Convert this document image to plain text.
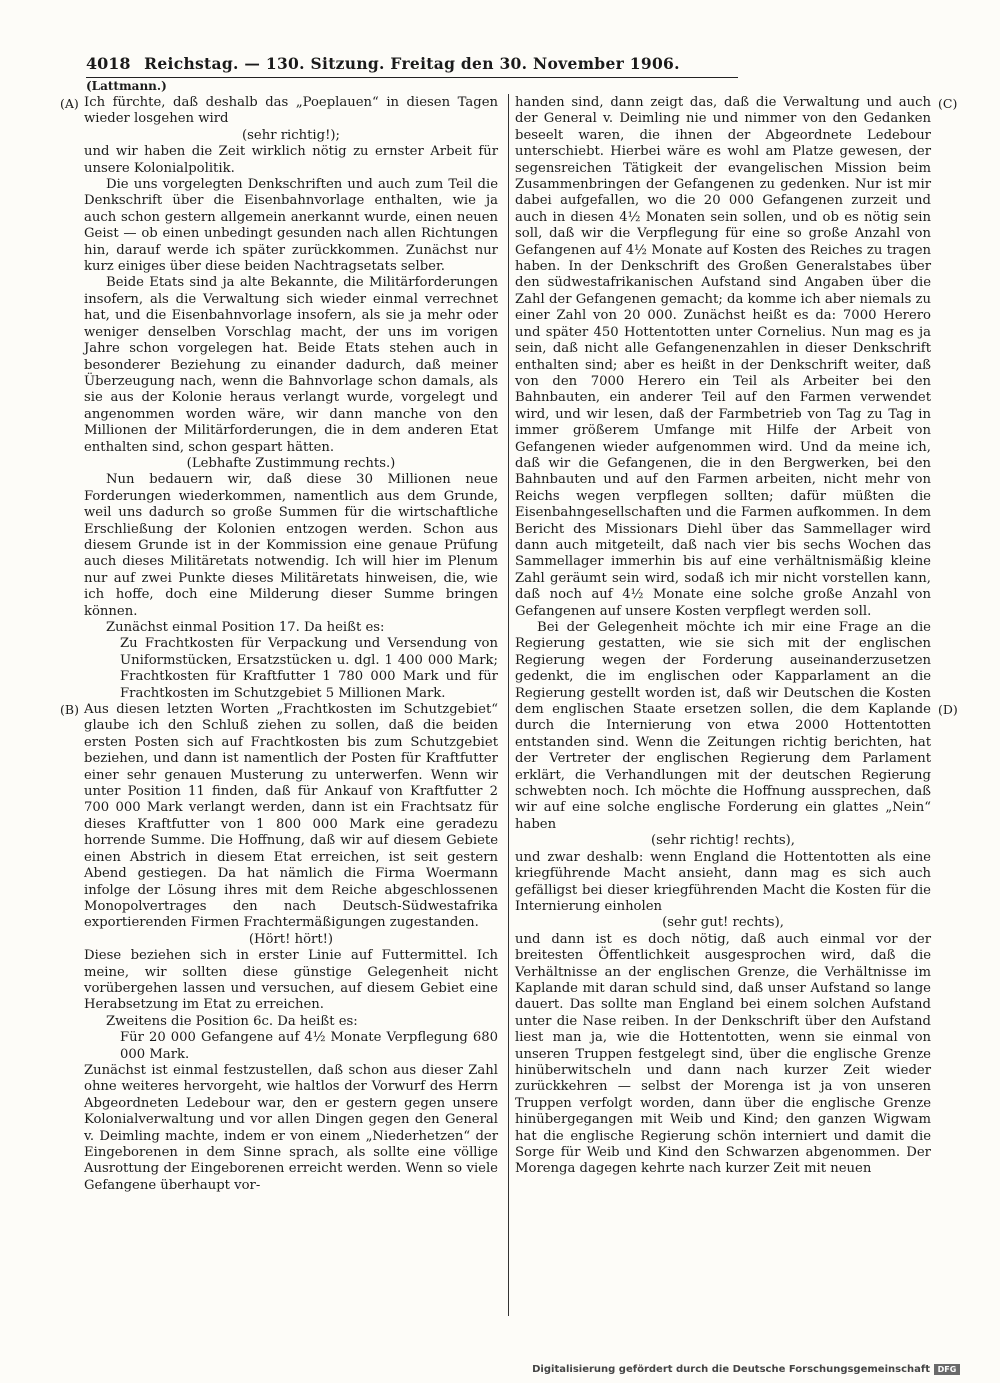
4018 Reichstag. — 130. Sitzung. Freitag den 30. November 1906.
(Lattmann.)
(A)
(B)
(C)
(D)

Ich fürchte, daß deshalb das „Poeplauen“ in diesen Tagen wieder losgehen wird

(sehr richtig!);

und wir haben die Zeit wirklich nötig zu ernster Arbeit für unsere Kolonialpolitik.

Die uns vorgelegten Denkschriften und auch zum Teil die Denkschrift über die Eisenbahnvorlage enthalten, wie ja auch schon gestern allgemein anerkannt wurde, einen neuen Geist — ob einen unbedingt gesunden nach allen Richtungen hin, darauf werde ich später zurückkommen. Zunächst nur kurz einiges über diese beiden Nachtragsetats selber.

Beide Etats sind ja alte Bekannte, die Militärforderungen insofern, als die Verwaltung sich wieder einmal verrechnet hat, und die Eisenbahnvorlage insofern, als sie ja mehr oder weniger denselben Vorschlag macht, der uns im vorigen Jahre schon vorgelegen hat. Beide Etats stehen auch in besonderer Beziehung zu einander dadurch, daß meiner Überzeugung nach, wenn die Bahnvorlage schon damals, als sie aus der Kolonie heraus verlangt wurde, vorgelegt und angenommen worden wäre, wir dann manche von den Millionen der Militärforderungen, die in dem anderen Etat enthalten sind, schon gespart hätten.

(Lebhafte Zustimmung rechts.)

Nun bedauern wir, daß diese 30 Millionen neue Forderungen wiederkommen, namentlich aus dem Grunde, weil uns dadurch so große Summen für die wirtschaftliche Erschließung der Kolonien entzogen werden. Schon aus diesem Grunde ist in der Kommission eine genaue Prüfung auch dieses Militäretats notwendig. Ich will hier im Plenum nur auf zwei Punkte dieses Militäretats hinweisen, die, wie ich hoffe, doch eine Milderung dieser Summe bringen können.

Zunächst einmal Position 17. Da heißt es:

Zu Frachtkosten für Verpackung und Versendung von Uniformstücken, Ersatzstücken u. dgl. 1 400 000 Mark; Frachtkosten für Kraftfutter 1 780 000 Mark und für Frachtkosten im Schutzgebiet 5 Millionen Mark.

Aus diesen letzten Worten „Frachtkosten im Schutzgebiet“ glaube ich den Schluß ziehen zu sollen, daß die beiden ersten Posten sich auf Frachtkosten bis zum Schutzgebiet beziehen, und dann ist namentlich der Posten für Kraftfutter einer sehr genauen Musterung zu unterwerfen. Wenn wir unter Position 11 finden, daß für Ankauf von Kraftfutter 2 700 000 Mark verlangt werden, dann ist ein Frachtsatz für dieses Kraftfutter von 1 800 000 Mark eine geradezu horrende Summe. Die Hoffnung, daß wir auf diesem Gebiete einen Abstrich in diesem Etat erreichen, ist seit gestern Abend gestiegen. Da hat nämlich die Firma Woermann infolge der Lösung ihres mit dem Reiche abgeschlossenen Monopolvertrages den nach Deutsch-Südwestafrika exportierenden Firmen Frachtermäßigungen zugestanden.

(Hört! hört!)

Diese beziehen sich in erster Linie auf Futtermittel. Ich meine, wir sollten diese günstige Gelegenheit nicht vorübergehen lassen und versuchen, auf diesem Gebiet eine Herabsetzung im Etat zu erreichen.

Zweitens die Position 6c. Da heißt es:

Für 20 000 Gefangene auf 4½ Monate Verpflegung 680 000 Mark.

Zunächst ist einmal festzustellen, daß schon aus dieser Zahl ohne weiteres hervorgeht, wie haltlos der Vorwurf des Herrn Abgeordneten Ledebour war, den er gestern gegen unsere Kolonialverwaltung und vor allen Dingen gegen den General v. Deimling machte, indem er von einem „Niederhetzen“ der Eingeborenen in dem Sinne sprach, als sollte eine völlige Ausrottung der Eingeborenen erreicht werden. Wenn so viele Gefangene überhaupt vor-

handen sind, dann zeigt das, daß die Verwaltung und auch der General v. Deimling nie und nimmer von den Gedanken beseelt waren, die ihnen der Abgeordnete Ledebour unterschiebt. Hierbei wäre es wohl am Platze gewesen, der segensreichen Tätigkeit der evangelischen Mission beim Zusammenbringen der Gefangenen zu gedenken. Nur ist mir dabei aufgefallen, wo die 20 000 Gefangenen zurzeit und auch in diesen 4½ Monaten sein sollen, und ob es nötig sein soll, daß wir die Verpflegung für eine so große Anzahl von Gefangenen auf 4½ Monate auf Kosten des Reiches zu tragen haben. In der Denkschrift des Großen Generalstabes über den südwestafrikanischen Aufstand sind Angaben über die Zahl der Gefangenen gemacht; da komme ich aber niemals zu einer Zahl von 20 000. Zunächst heißt es da: 7000 Herero und später 450 Hottentotten unter Cornelius. Nun mag es ja sein, daß nicht alle Gefangenenzahlen in dieser Denkschrift enthalten sind; aber es heißt in der Denkschrift weiter, daß von den 7000 Herero ein Teil als Arbeiter bei den Bahnbauten, ein anderer Teil auf den Farmen verwendet wird, und wir lesen, daß der Farmbetrieb von Tag zu Tag in immer größerem Umfange mit Hilfe der Arbeit von Gefangenen wieder aufgenommen wird. Und da meine ich, daß wir die Gefangenen, die in den Bergwerken, bei den Bahnbauten und auf den Farmen arbeiten, nicht mehr von Reichs wegen verpflegen sollten; dafür müßten die Eisenbahngesellschaften und die Farmen aufkommen. In dem Bericht des Missionars Diehl über das Sammellager wird dann auch mitgeteilt, daß nach vier bis sechs Wochen das Sammellager immerhin bis auf eine verhältnismäßig kleine Zahl geräumt sein wird, sodaß ich mir nicht vorstellen kann, daß noch auf 4½ Monate eine solche große Anzahl von Gefangenen auf unsere Kosten verpflegt werden soll.

Bei der Gelegenheit möchte ich mir eine Frage an die Regierung gestatten, wie sie sich mit der englischen Regierung wegen der Forderung auseinanderzusetzen gedenkt, die im englischen oder Kapparlament an die Regierung gestellt worden ist, daß wir Deutschen die Kosten dem englischen Staate ersetzen sollen, die dem Kaplande durch die Internierung von etwa 2000 Hottentotten entstanden sind. Wenn die Zeitungen richtig berichten, hat der Vertreter der englischen Regierung dem Parlament erklärt, die Verhandlungen mit der deutschen Regierung schwebten noch. Ich möchte die Hoffnung aussprechen, daß wir auf eine solche englische Forderung ein glattes „Nein“ haben

(sehr richtig! rechts),

und zwar deshalb: wenn England die Hottentotten als eine kriegführende Macht ansieht, dann mag es sich auch gefälligst bei dieser kriegführenden Macht die Kosten für die Internierung einholen

(sehr gut! rechts),

und dann ist es doch nötig, daß auch einmal vor der breitesten Öffentlichkeit ausgesprochen wird, daß die Verhältnisse an der englischen Grenze, die Verhältnisse im Kaplande mit daran schuld sind, daß unser Aufstand so lange dauert. Das sollte man England bei einem solchen Aufstand unter die Nase reiben. In der Denkschrift über den Aufstand liest man ja, wie die Hottentotten, wenn sie einmal von unseren Truppen festgelegt sind, über die englische Grenze hinüberwitscheln und dann nach kurzer Zeit wieder zurückkehren — selbst der Morenga ist ja von unseren Truppen verfolgt worden, dann über die englische Grenze hinübergegangen mit Weib und Kind; den ganzen Wigwam hat die englische Regierung schön interniert und damit die Sorge für Weib und Kind den Schwarzen abgenommen. Der Morenga dagegen kehrte nach kurzer Zeit mit neuen

Digitalisierung gefördert durch die Deutsche Forschungsgemeinschaft DFG
